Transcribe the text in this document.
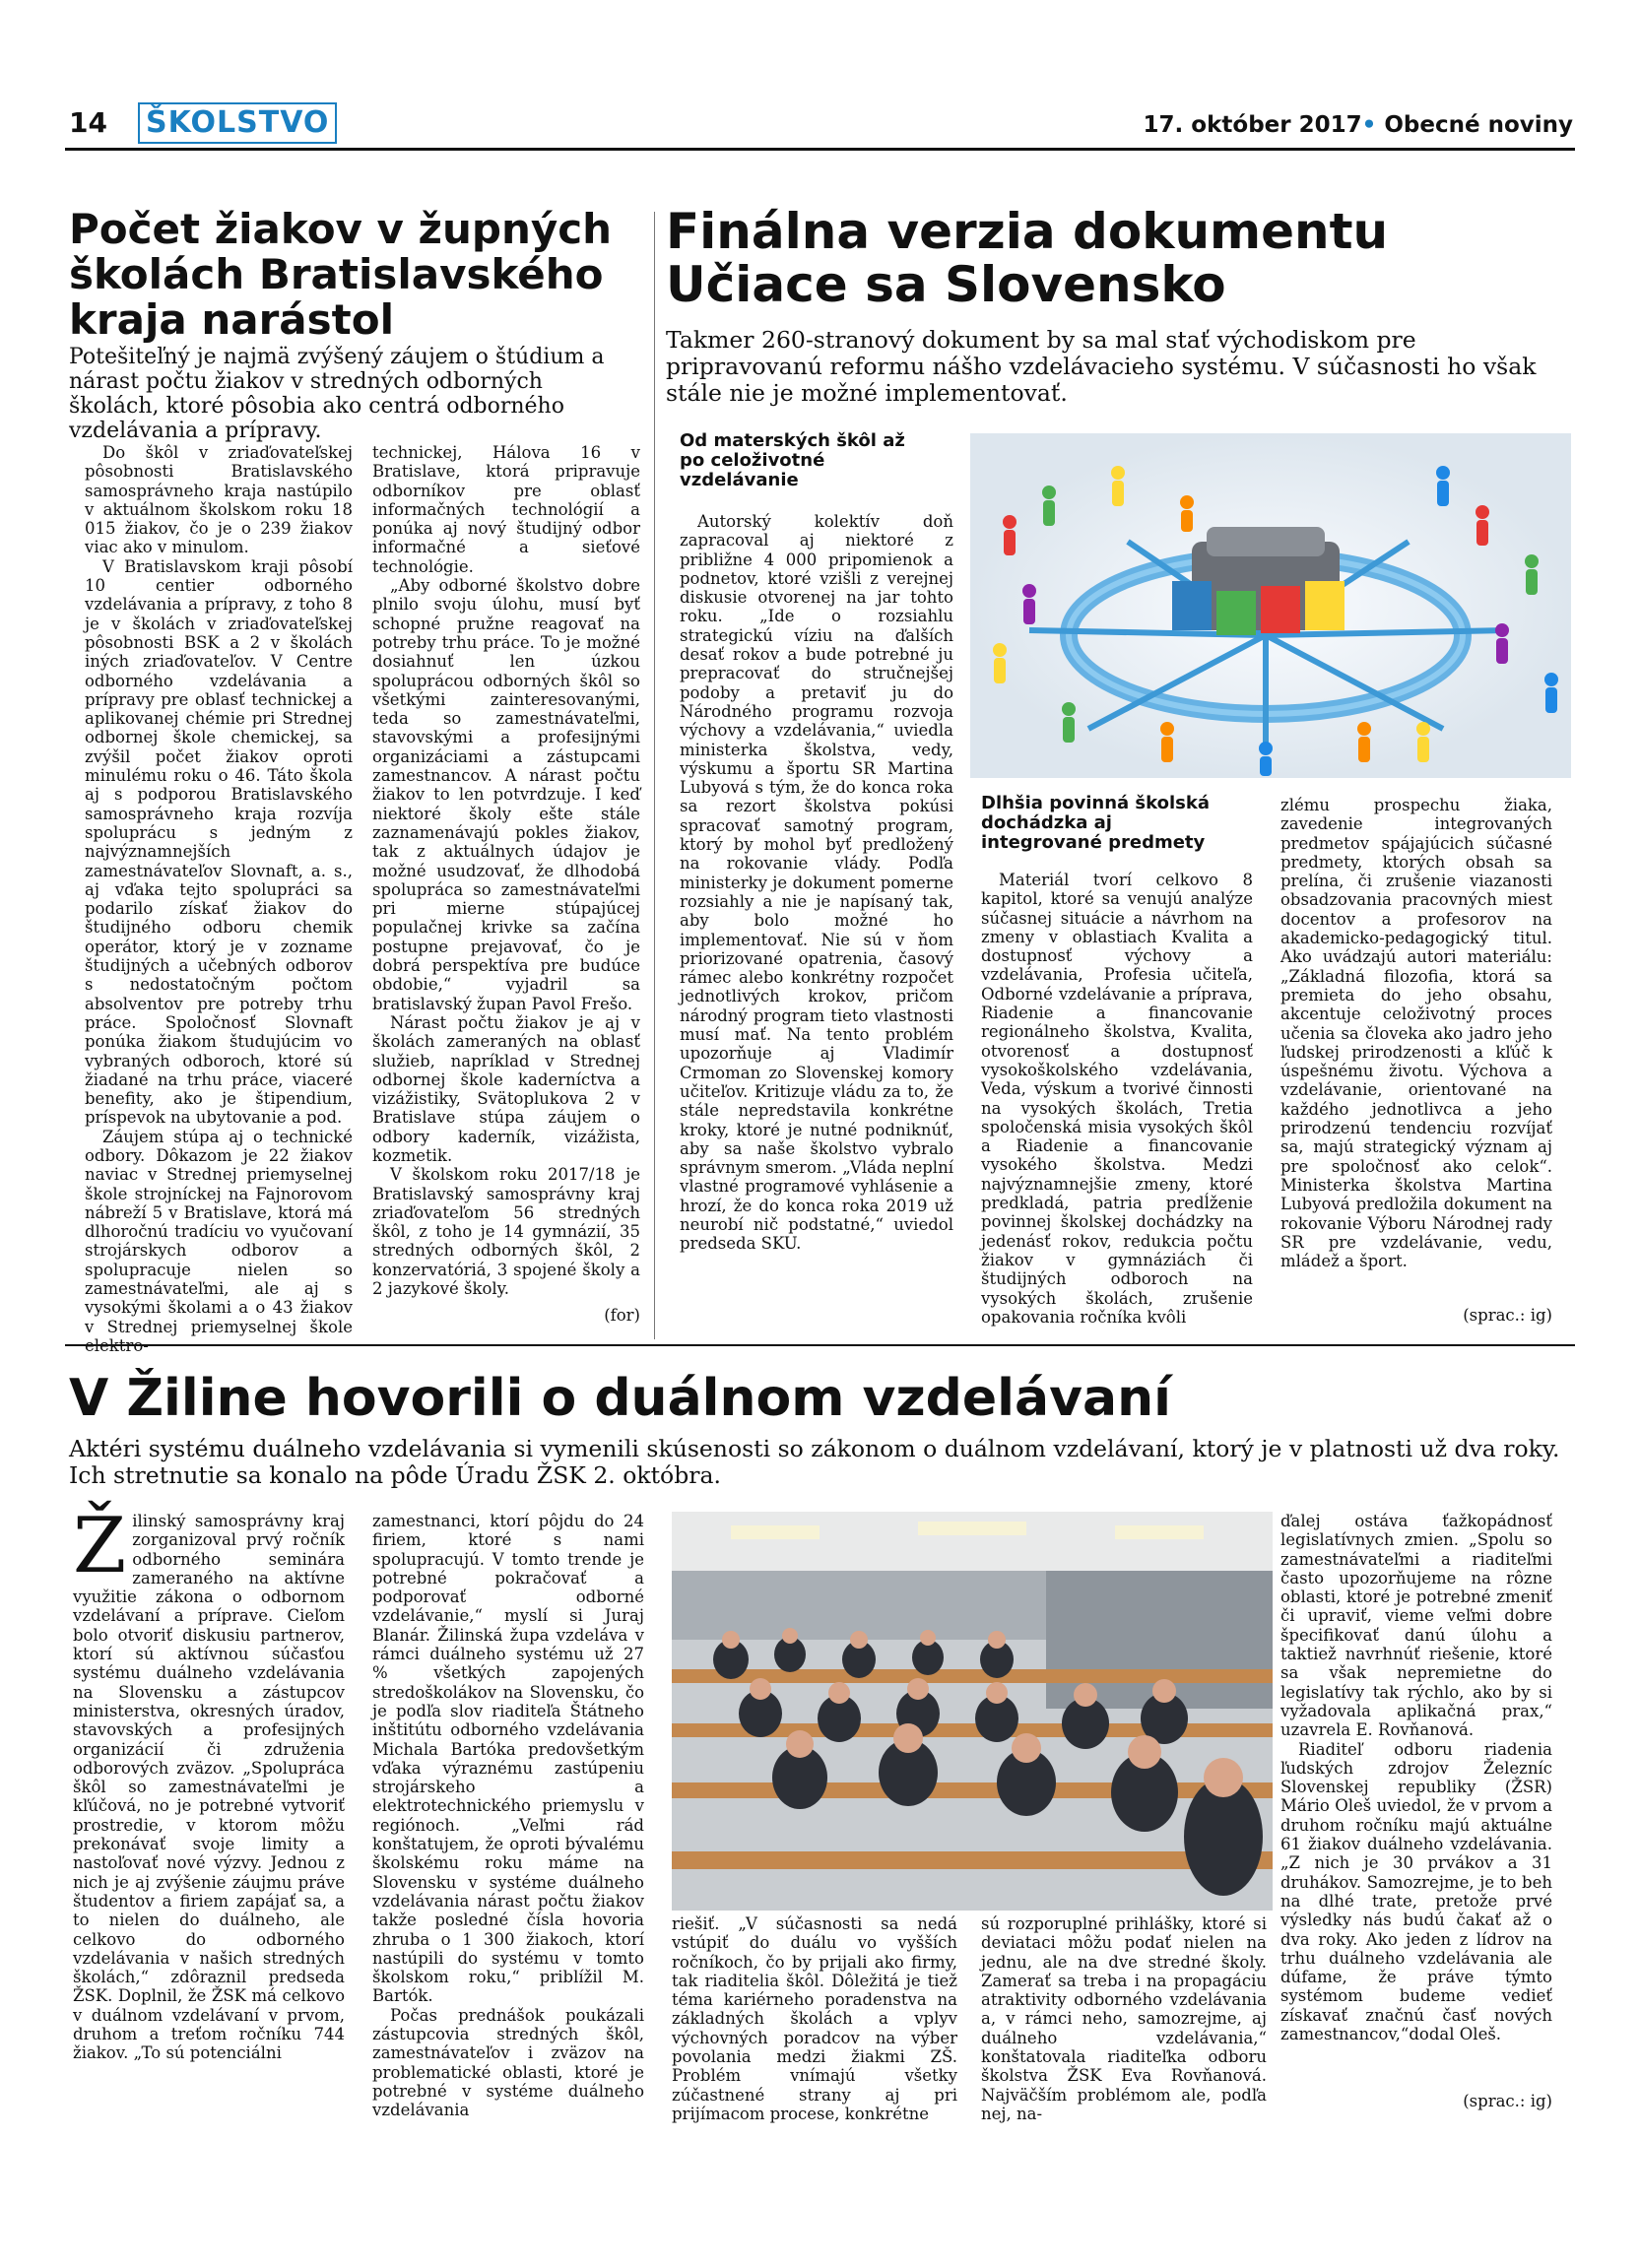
14 ŠKOLSTVO	17. október 2017• Obecné noviny
Počet žiakov v župných školách Bratislavského kraja narástol
Potešiteľný je najmä zvýšený záujem o štúdium a nárast počtu žiakov v stredných odborných školách, ktoré pôsobia ako centrá odborného vzdelávania a prípravy.

Do škôl v zriaďovateľskej pôsobnosti Bratislavského samosprávneho kraja nastúpilo v aktuálnom školskom roku 18 015 žiakov, čo je o 239 žiakov viac ako v minulom.

V Bratislavskom kraji pôsobí 10 centier odborného vzdelávania a prípravy, z toho 8 je v školách v zriaďovateľskej pôsobnosti BSK a 2 v školách iných zriaďovateľov. V Centre odborného vzdelávania a prípravy pre oblasť technickej a aplikovanej chémie pri Strednej odbornej škole chemickej, sa zvýšil počet žiakov oproti minulému roku o 46. Táto škola aj s podporou Bratislavského samosprávneho kraja rozvíja spoluprácu s jedným z najvýznamnejších zamestnávateľov Slovnaft, a. s., aj vďaka tejto spolupráci sa podarilo získať žiakov do študijného odboru chemik operátor, ktorý je v zozname študijných a učebných odborov s nedostatočným počtom absolventov pre potreby trhu práce. Spoločnosť Slovnaft ponúka žiakom študujúcim vo vybraných odboroch, ktoré sú žiadané na trhu práce, viaceré benefity, ako je štipendium, príspevok na ubytovanie a pod.

Záujem stúpa aj o technické odbory. Dôkazom je 22 žiakov naviac v Strednej priemyselnej škole strojníckej na Fajnorovom nábreží 5 v Bratislave, ktorá má dlhoročnú tradíciu vo vyučovaní strojárskych odborov a spolupracuje nielen so zamestnávateľmi, ale aj s vysokými školami a o 43 žiakov v Strednej priemyselnej škole

technickej, Hálova 16 v Bratislave, ktorá pripravuje odborníkov pre oblasť informačných technológií a ponúka aj nový študijný odbor informačné a sieťové technológie.

„Aby odborné školstvo dobre plnilo svoju úlohu, musí byť schopné pružne reagovať na potreby trhu práce. To je možné dosiahnuť len úzkou spoluprácou odborných škôl so všetkými zainteresovanými, teda so zamestnávateľmi, stavovskými a profesijnými organizáciami a zástupcami zamestnancov. A nárast počtu žiakov to len potvrdzuje. I keď niektoré školy ešte stále zaznamenávajú pokles žiakov, tak z aktuálnych údajov je možné usudzovať, že dlhodobá spolupráca so zamestnávateľmi pri mierne stúpajúcej populačnej krivke sa začína postupne prejavovať, čo je dobrá perspektíva pre budúce obdobie,“ vyjadril sa bratislavský župan Pavol Frešo.

Nárast počtu žiakov je aj v školách zameraných na oblasť služieb, napríklad v Strednej odbornej škole kaderníctva a vizážistiky, Svätoplukova 2 v Bratislave stúpa záujem o odbory kaderník, vizážista, kozmetik.

V školskom roku 2017/18 je Bratislavský samosprávny kraj zriaďovateľom 56 stredných škôl, z toho je 14 gymnázií, 35 stredných odborných škôl, 2 konzervatóriá, 3 spojené školy a 2 jazykové školy.

(for)
Finálna verzia dokumentu Učiace sa Slovensko
Takmer 260-stranový dokument by sa mal stať východiskom pre pripravovanú reformu nášho vzdelávacieho systému. V súčasnosti ho však stále nie je možné implementovať.
Od materských škôl až po celoživotné vzdelávanie

Autorský kolektív doň zapracoval aj niektoré z približne 4 000 pripomienok a podnetov, ktoré vzišli z verejnej diskusie otvorenej na jar tohto roku. „Ide o rozsiahlu strategickú víziu na ďalších desať rokov a bude potrebné ju prepracovať do stručnejšej podoby a pretaviť ju do Národného programu rozvoja výchovy a vzdelávania,“ uviedla ministerka školstva, vedy, výskumu a športu SR Martina Lubyová s tým, že do konca roka sa rezort školstva pokúsi spracovať samotný program, ktorý by mohol byť predložený na rokovanie vlády. Podľa ministerky je dokument pomerne rozsiahly a nie je napísaný tak, aby bolo možné ho implementovať. Nie sú v ňom priorizované opatrenia, časový rámec alebo konkrétny rozpočet jednotlivých krokov, pričom národný program tieto vlastnosti musí mať. Na tento problém upozorňuje aj Vladimír Crmoman zo Slovenskej komory učiteľov. Kritizuje vládu za to, že stále nepredstavila konkrétne kroky, ktoré je nutné podniknúť, aby sa naše školstvo vybralo správnym smerom. „Vláda neplní vlastné programové vyhlásenie a hrozí, že do konca roka 2019 už neurobí nič podstatné,“ uviedol predseda SKU.

Dlhšia povinná školská dochádzka aj integrované predmety

Materiál tvorí celkovo 8 kapitol, ktoré sa venujú analýze súčasnej situácie a návrhom na zmeny v oblastiach Kvalita a dostupnosť výchovy a vzdelávania, Profesia učiteľa, Odborné vzdelávanie a príprava, Riadenie a financovanie regionálneho školstva, Kvalita, otvorenosť a dostupnosť vysokoškolského vzdelávania, Veda, výskum a tvorivé činnosti na vysokých školách, Tretia spoločenská misia vysokých škôl a Riadenie a financovanie vysokého školstva. Medzi najvýznamnejšie zmeny, ktoré predkladá, patria predĺženie povinnej školskej dochádzky na jedenásť rokov, redukcia počtu žiakov v gymnáziách či študijných odboroch na vysokých školách, zrušenie opakovania ročníka kvôli

zlému prospechu žiaka, zavedenie integrovaných predmetov spájajúcich súčasné predmety, ktorých obsah sa prelína, či zrušenie viazanosti obsadzovania pracovných miest docentov a profesorov na akademicko-pedagogický titul. Ako uvádzajú autori materiálu: „Základná filozofia, ktorá sa premieta do jeho obsahu, akcentuje celoživotný proces učenia sa človeka ako jadro jeho ľudskej prirodzenosti a kľúč k úspešnému životu. Výchova a vzdelávanie, orientované na každého jednotlivca a jeho prirodzenú tendenciu rozvíjať sa, majú strategický význam aj pre spoločnosť ako celok“. Ministerka školstva Martina Lubyová predložila dokument na rokovanie Výboru Národnej rady SR pre vzdelávanie, vedu, mládež a šport.

(sprac.: ig)
V Žiline hovorili o duálnom vzdelávaní
Aktéri systému duálneho vzdelávania si vymenili skúsenosti so zákonom o duálnom vzdelávaní, ktorý je v platnosti už dva roky. Ich stretnutie sa konalo na pôde Úradu ŽSK 2. októbra.
Ž ilinský samosprávny kraj zorganizoval prvý ročník odborného seminára zameraného na aktívne využitie zákona o odbornom vzdelávaní a príprave. Cieľom bolo otvoriť diskusiu partnerov, ktorí sú aktívnou súčasťou systému duálneho vzdelávania na Slovensku a zástupcov ministerstva, okresných úradov, stavovských a profesijných organizácií či združenia odborových zväzov. „Spolupráca škôl so zamestnávateľmi je kľúčová, no je potrebné vytvoriť prostredie, v ktorom môžu prekonávať svoje limity a nastoľovať nové výzvy. Jednou z nich je aj zvýšenie záujmu práve študentov a firiem zapájať sa, a to nielen do duálneho, ale celkovo do odborného vzdelávania v našich stredných školách,“ zdôraznil predseda ŽSK. Doplnil, že ŽSK má celkovo v duálnom vzdelávaní v prvom, druhom a treťom ročníku 744 žiakov. „To sú potenciálni

zamestnanci, ktorí pôjdu do 24 firiem, ktoré s nami spolupracujú. V tomto trende je potrebné pokračovať a podporovať odborné vzdelávanie,“ myslí si Juraj Blanár. Žilinská župa vzdeláva v rámci duálneho systému už 27 % všetkých zapojených stredoškolákov na Slovensku, čo je podľa slov riaditeľa Štátneho inštitútu odborného vzdelávania Michala Bartóka predovšetkým vďaka výraznému zastúpeniu strojárskeho a elektrotechnického priemyslu v regiónoch. „Veľmi rád konštatujem, že oproti bývalému školskému roku máme na Slovensku v systéme duálneho vzdelávania nárast počtu žiakov takže posledné čísla hovoria zhruba o 1 300 žiakoch, ktorí nastúpili do systému v tomto školskom roku,“ priblížil M. Bartók.

Počas prednášok poukázali zástupcovia stredných škôl, zamestnávateľov i zväzov na problematické oblasti, ktoré je potrebné v systéme duálneho vzdelávania

riešiť. „V súčasnosti sa nedá vstúpiť do duálu vo vyšších ročníkoch, čo by prijali ako firmy, tak riaditelia škôl. Dôležitá je tiež téma kariérneho poradenstva na základných školách a vplyv výchovných poradcov na výber povolania medzi žiakmi ZŠ. Problém vnímajú všetky zúčastnené strany aj pri prijímacom procese, konkrétne

sú rozporuplné prihlášky, ktoré si deviataci môžu podať nielen na jednu, ale na dve stredné školy. Zamerať sa treba i na propagáciu atraktivity odborného vzdelávania a, v rámci neho, samozrejme, aj duálneho vzdelávania,“ konštatovala riaditeľka odboru školstva ŽSK Eva Rovňanová. Najväčším problémom ale, podľa nej, na-

ďalej ostáva ťažkopádnosť legislatívnych zmien. „Spolu so zamestnávateľmi a riaditeľmi často upozorňujeme na rôzne oblasti, ktoré je potrebné zmeniť či upraviť, vieme veľmi dobre špecifikovať danú úlohu a taktiež navrhnúť riešenie, ktoré sa však nepremietne do legislatívy tak rýchlo, ako by si vyžadovala aplikačná prax,“ uzavrela E. Rovňanová.

Riaditeľ odboru riadenia ľudských zdrojov Železníc Slovenskej republiky (ŽSR) Mário Oleš uviedol, že v prvom a druhom ročníku majú aktuálne 61 žiakov duálneho vzdelávania. „Z nich je 30 prvákov a 31 druhákov. Samozrejme, je to beh na dlhé trate, pretože prvé výsledky nás budú čakať až o dva roky. Ako jeden z lídrov na trhu duálneho vzdelávania ale dúfame, že práve týmto systémom budeme vedieť získavať značnú časť nových zamestnancov,“dodal Oleš.

(sprac.: ig)
